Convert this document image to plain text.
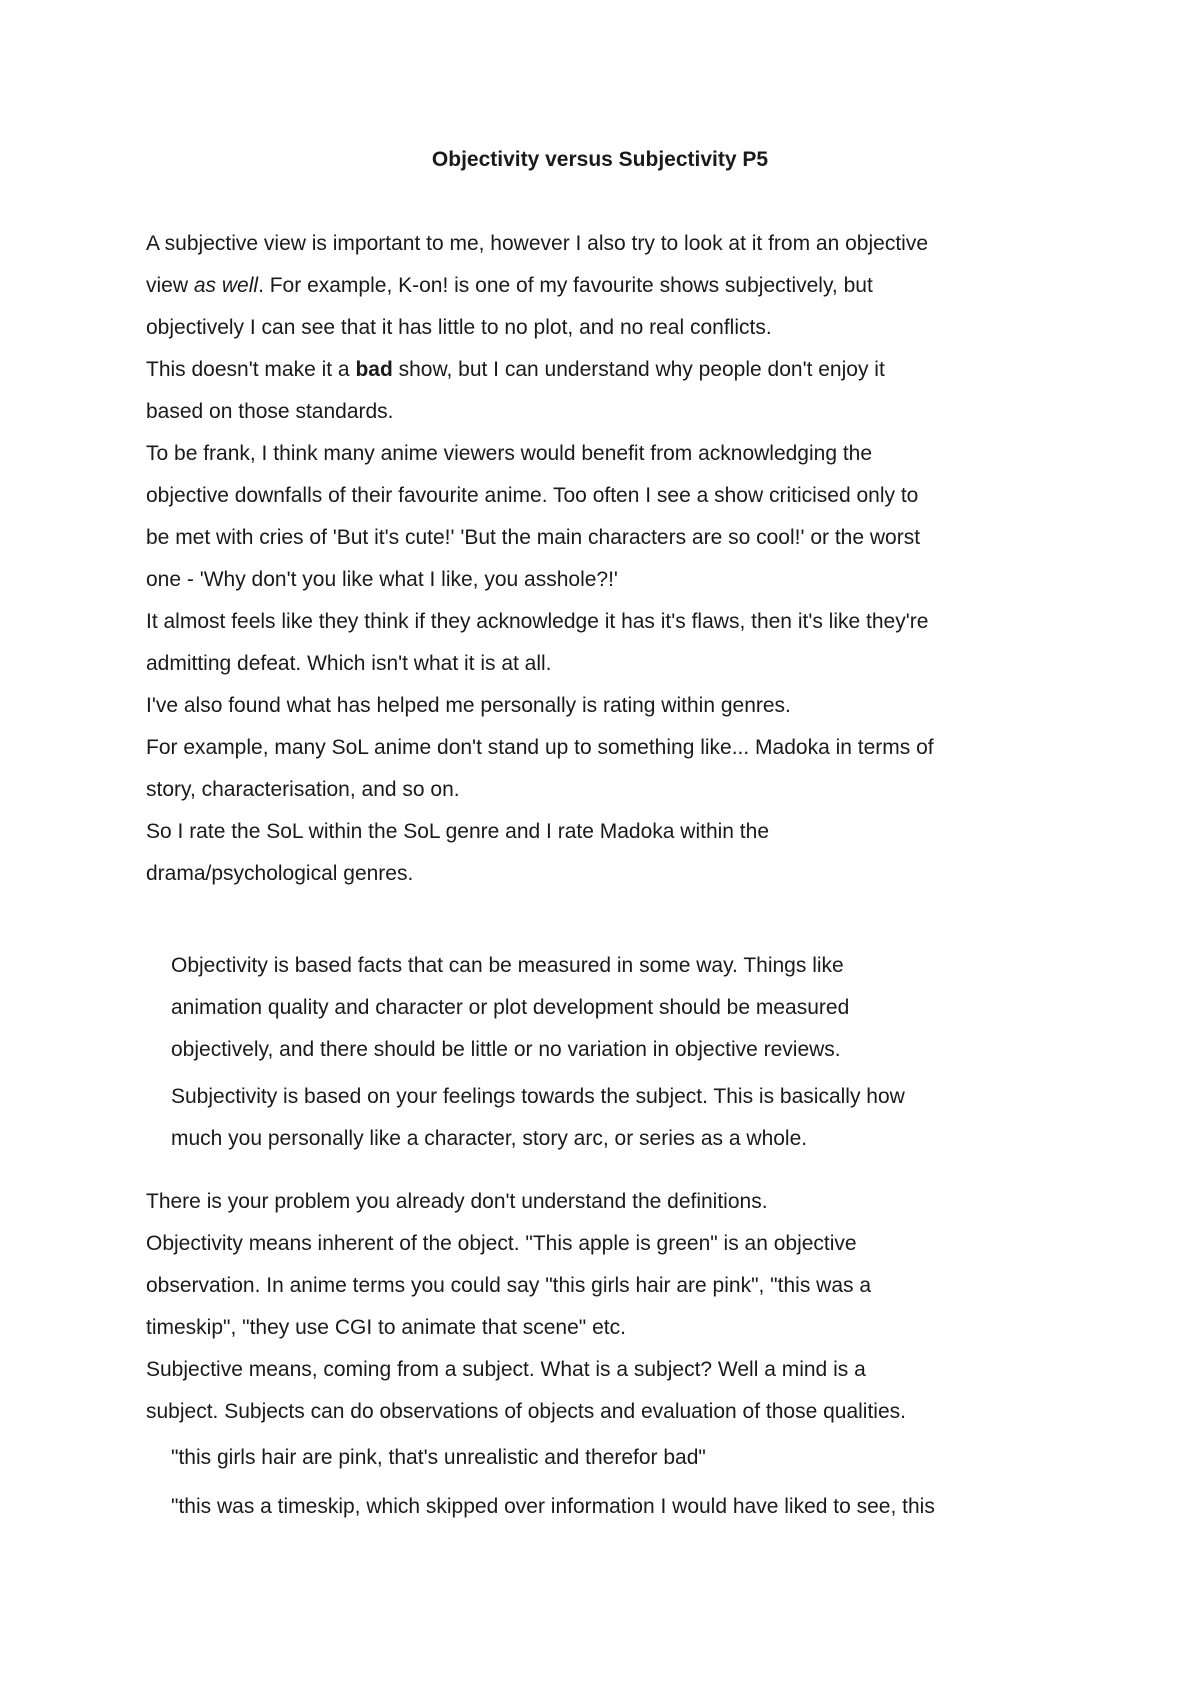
Objectivity versus Subjectivity P5
A subjective view is important to me, however I also try to look at it from an objective
view as well. For example, K-on! is one of my favourite shows subjectively, but
objectively I can see that it has little to no plot, and no real conflicts.
This doesn't make it a bad show, but I can understand why people don't enjoy it
based on those standards.
To be frank, I think many anime viewers would benefit from acknowledging the
objective downfalls of their favourite anime. Too often I see a show criticised only to
be met with cries of 'But it's cute!' 'But the main characters are so cool!' or the worst
one - 'Why don't you like what I like, you asshole?!'
It almost feels like they think if they acknowledge it has it's flaws, then it's like they're
admitting defeat. Which isn't what it is at all.
I've also found what has helped me personally is rating within genres.
For example, many SoL anime don't stand up to something like... Madoka in terms of
story, characterisation, and so on.
So I rate the SoL within the SoL genre and I rate Madoka within the
drama/psychological genres.
Objectivity is based facts that can be measured in some way. Things like
animation quality and character or plot development should be measured
objectively, and there should be little or no variation in objective reviews.
Subjectivity is based on your feelings towards the subject. This is basically how
much you personally like a character, story arc, or series as a whole.
There is your problem you already don't understand the definitions.
Objectivity means inherent of the object. "This apple is green" is an objective
observation. In anime terms you could say "this girls hair are pink", "this was a
timeskip", "they use CGI to animate that scene" etc.
Subjective means, coming from a subject. What is a subject? Well a mind is a
subject. Subjects can do observations of objects and evaluation of those qualities.
"this girls hair are pink, that's unrealistic and therefor bad"
"this was a timeskip, which skipped over information I would have liked to see, this
